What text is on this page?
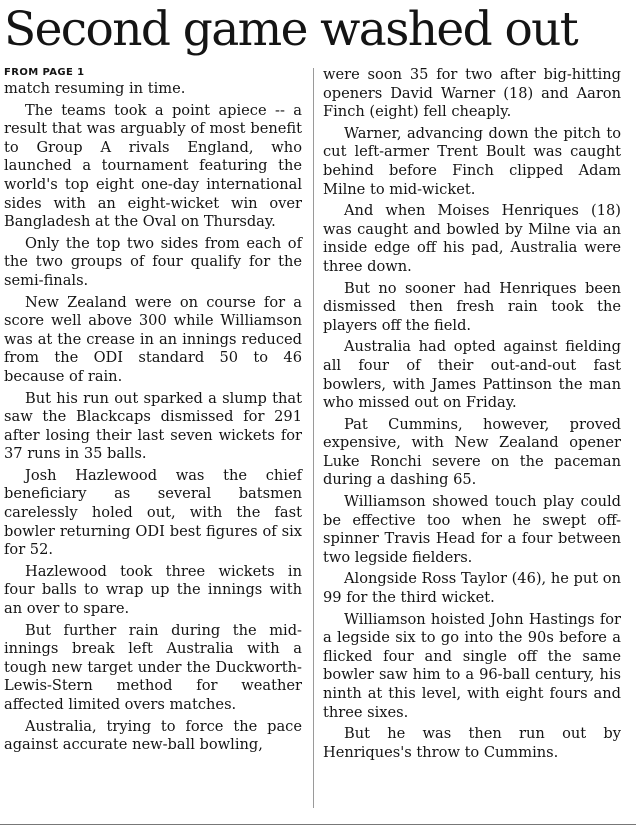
Second game washed out
FROM PAGE 1
match resuming in time.
The teams took a point apiece -- a result that was arguably of most benefit to Group A rivals England, who launched a tournament featuring the world's top eight one-day international sides with an eight-wicket win over Bangladesh at the Oval on Thursday.
Only the top two sides from each of the two groups of four qualify for the semi-finals.
New Zealand were on course for a score well above 300 while Williamson was at the crease in an innings reduced from the ODI standard 50 to 46 because of rain.
But his run out sparked a slump that saw the Blackcaps dismissed for 291 after losing their last seven wickets for 37 runs in 35 balls.
Josh Hazlewood was the chief beneficiary as several batsmen carelessly holed out, with the fast bowler returning ODI best figures of six for 52.
Hazlewood took three wickets in four balls to wrap up the innings with an over to spare.
But further rain during the mid-innings break left Australia with a tough new target under the Duckworth-Lewis-Stern method for weather affected limited overs matches.
Australia, trying to force the pace against accurate new-ball bowling,
were soon 35 for two after big-hitting openers David Warner (18) and Aaron Finch (eight) fell cheaply.
Warner, advancing down the pitch to cut left-armer Trent Boult was caught behind before Finch clipped Adam Milne to mid-wicket.
And when Moises Henriques (18) was caught and bowled by Milne via an inside edge off his pad, Australia were three down.
But no sooner had Henriques been dismissed then fresh rain took the players off the field.
Australia had opted against fielding all four of their out-and-out fast bowlers, with James Pattinson the man who missed out on Friday.
Pat Cummins, however, proved expensive, with New Zealand opener Luke Ronchi severe on the paceman during a dashing 65.
Williamson showed touch play could be effective too when he swept off-spinner Travis Head for a four between two legside fielders.
Alongside Ross Taylor (46), he put on 99 for the third wicket.
Williamson hoisted John Hastings for a legside six to go into the 90s before a flicked four and single off the same bowler saw him to a 96-ball century, his ninth at this level, with eight fours and three sixes.
But he was then run out by Henriques's throw to Cummins.
